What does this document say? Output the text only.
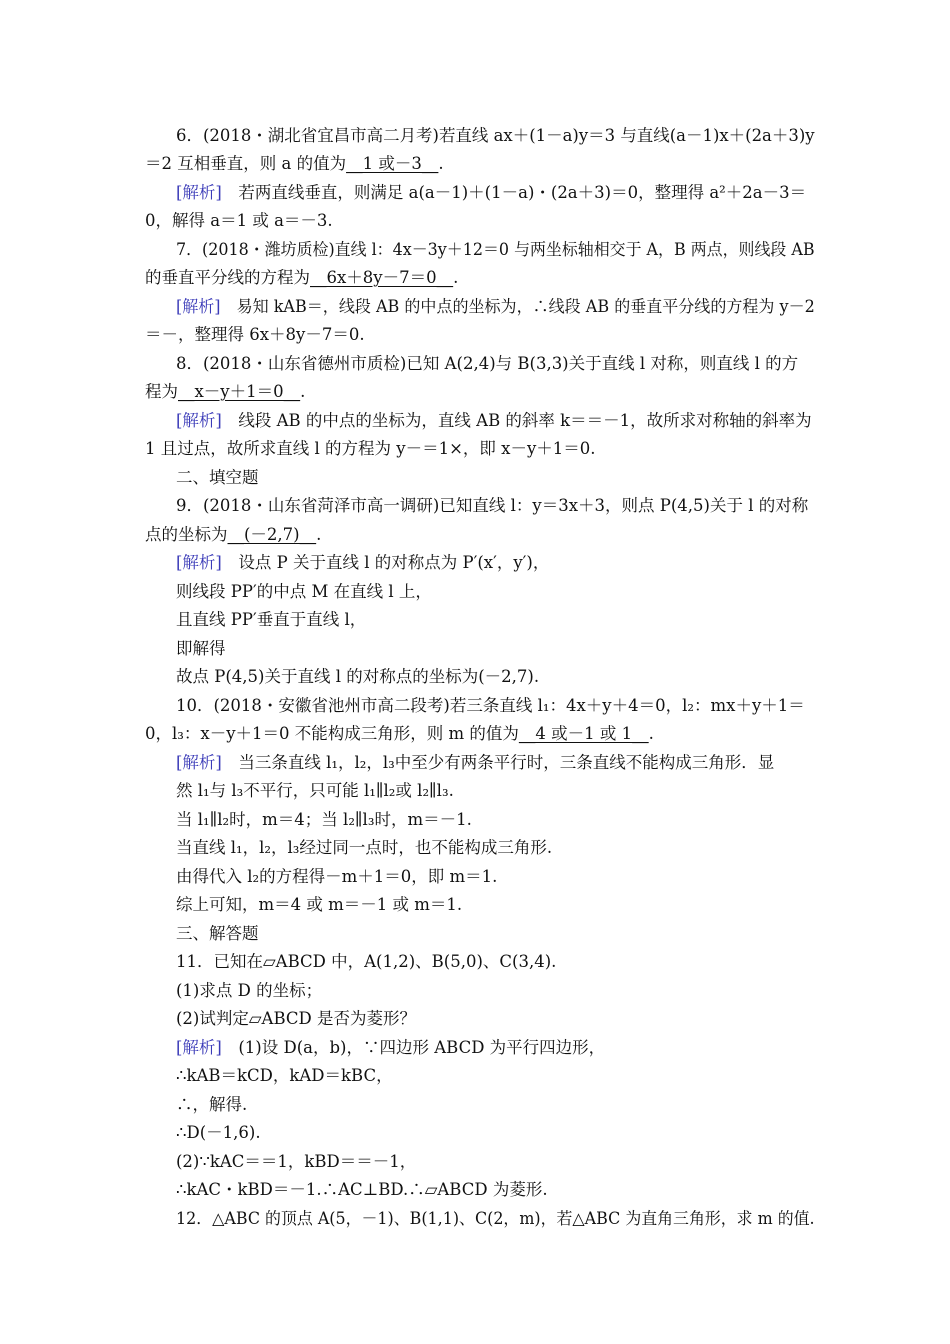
6．(2018・湖北省宜昌市高二月考)若直线 ax＋(1－a)y＝3 与直线(a－1)x＋(2a＋3)y
＝2 互相垂直，则 a 的值为__1 或－3__.
[解析]　若两直线垂直，则满足 a(a－1)＋(1－a)・(2a＋3)＝0，整理得 a²＋2a－3＝
0，解得 a＝1 或 a＝－3.
7．(2018・潍坊质检)直线 l：4x－3y＋12＝0 与两坐标轴相交于 A，B 两点，则线段 AB
的垂直平分线的方程为__6x＋8y－7＝0__.
[解析]　易知 kAB＝，线段 AB 的中点的坐标为，∴线段 AB 的垂直平分线的方程为 y－2
＝－，整理得 6x＋8y－7＝0.
8．(2018・山东省德州市质检)已知 A(2,4)与 B(3,3)关于直线 l 对称，则直线 l 的方
程为__x－y＋1＝0__.
[解析]　线段 AB 的中点的坐标为，直线 AB 的斜率 k＝＝－1，故所求对称轴的斜率为
1 且过点，故所求直线 l 的方程为 y－＝1×，即 x－y＋1＝0.
二、填空题
9．(2018・山东省菏泽市高一调研)已知直线 l：y＝3x＋3，则点 P(4,5)关于 l 的对称
点的坐标为__(－2,7)__.
[解析]　设点 P 关于直线 l 的对称点为 P′(x′，y′)，
则线段 PP′的中点 M 在直线 l 上，
且直线 PP′垂直于直线 l，
即解得
故点 P(4,5)关于直线 l 的对称点的坐标为(－2,7).
10．(2018・安徽省池州市高二段考)若三条直线 l₁：4x＋y＋4＝0，l₂：mx＋y＋1＝
0，l₃：x－y＋1＝0 不能构成三角形，则 m 的值为__4 或－1 或 1__.
[解析]　当三条直线 l₁，l₂，l₃中至少有两条平行时，三条直线不能构成三角形．显
然 l₁与 l₃不平行，只可能 l₁∥l₂或 l₂∥l₃.
当 l₁∥l₂时，m＝4；当 l₂∥l₃时，m＝－1.
当直线 l₁，l₂，l₃经过同一点时，也不能构成三角形.
由得代入 l₂的方程得－m＋1＝0，即 m＝1.
综上可知，m＝4 或 m＝－1 或 m＝1.
三、解答题
11．已知在▱ABCD 中，A(1,2)、B(5,0)、C(3,4).
(1)求点 D 的坐标；
(2)试判定▱ABCD 是否为菱形？
[解析]　(1)设 D(a，b)，∵四边形 ABCD 为平行四边形，
∴kAB＝kCD，kAD＝kBC，
∴，解得.
∴D(－1,6).
(2)∵kAC＝＝1，kBD＝＝－1，
∴kAC・kBD＝－1.∴AC⊥BD.∴▱ABCD 为菱形.
12．△ABC 的顶点 A(5，－1)、B(1,1)、C(2，m)，若△ABC 为直角三角形，求 m 的值.
